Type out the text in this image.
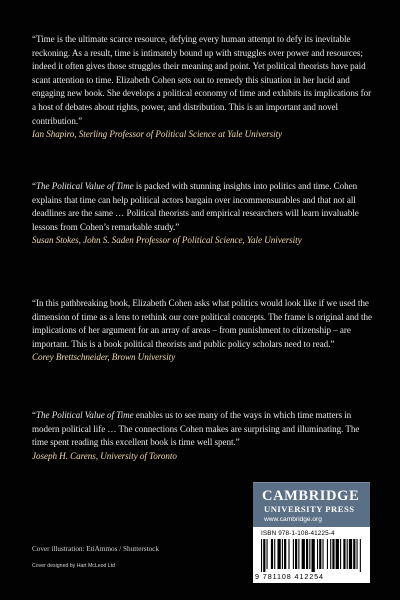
“Time is the ultimate scarce resource, defying every human attempt to defy its inevitable reckoning. As a result, time is intimately bound up with struggles over power and resources; indeed it often gives those struggles their meaning and point. Yet political theorists have paid scant attention to time. Elizabeth Cohen sets out to remedy this situation in her lucid and engaging new book. She develops a political economy of time and exhibits its implications for a host of debates about rights, power, and distribution. This is an important and novel contribution.”

Ian Shapiro, Sterling Professor of Political Science at Yale University

“The Political Value of Time is packed with stunning insights into politics and time. Cohen explains that time can help political actors bargain over incommensurables and that not all deadlines are the same … Political theorists and empirical researchers will learn invaluable lessons from Cohen’s remarkable study.”

Susan Stokes, John S. Saden Professor of Political Science, Yale University

“In this pathbreaking book, Elizabeth Cohen asks what politics would look like if we used the dimension of time as a lens to rethink our core political concepts. The frame is original and the implications of her argument for an array of areas – from punishment to citizenship – are important. This is a book political theorists and public policy scholars need to read.”

Corey Brettschneider, Brown University

“The Political Value of Time enables us to see many of the ways in which time matters in modern political life … The connections Cohen makes are surprising and illuminating. The time spent reading this excellent book is time well spent.”

Joseph H. Carens, University of Toronto

Cover illustration: EtiAmmos / Shutterstock
Cover designed by Hart McLeod Ltd
CAMBRIDGE
UNIVERSITY PRESS
www.cambridge.org
ISBN 978-1-108-41225-4
9 781108 412254
